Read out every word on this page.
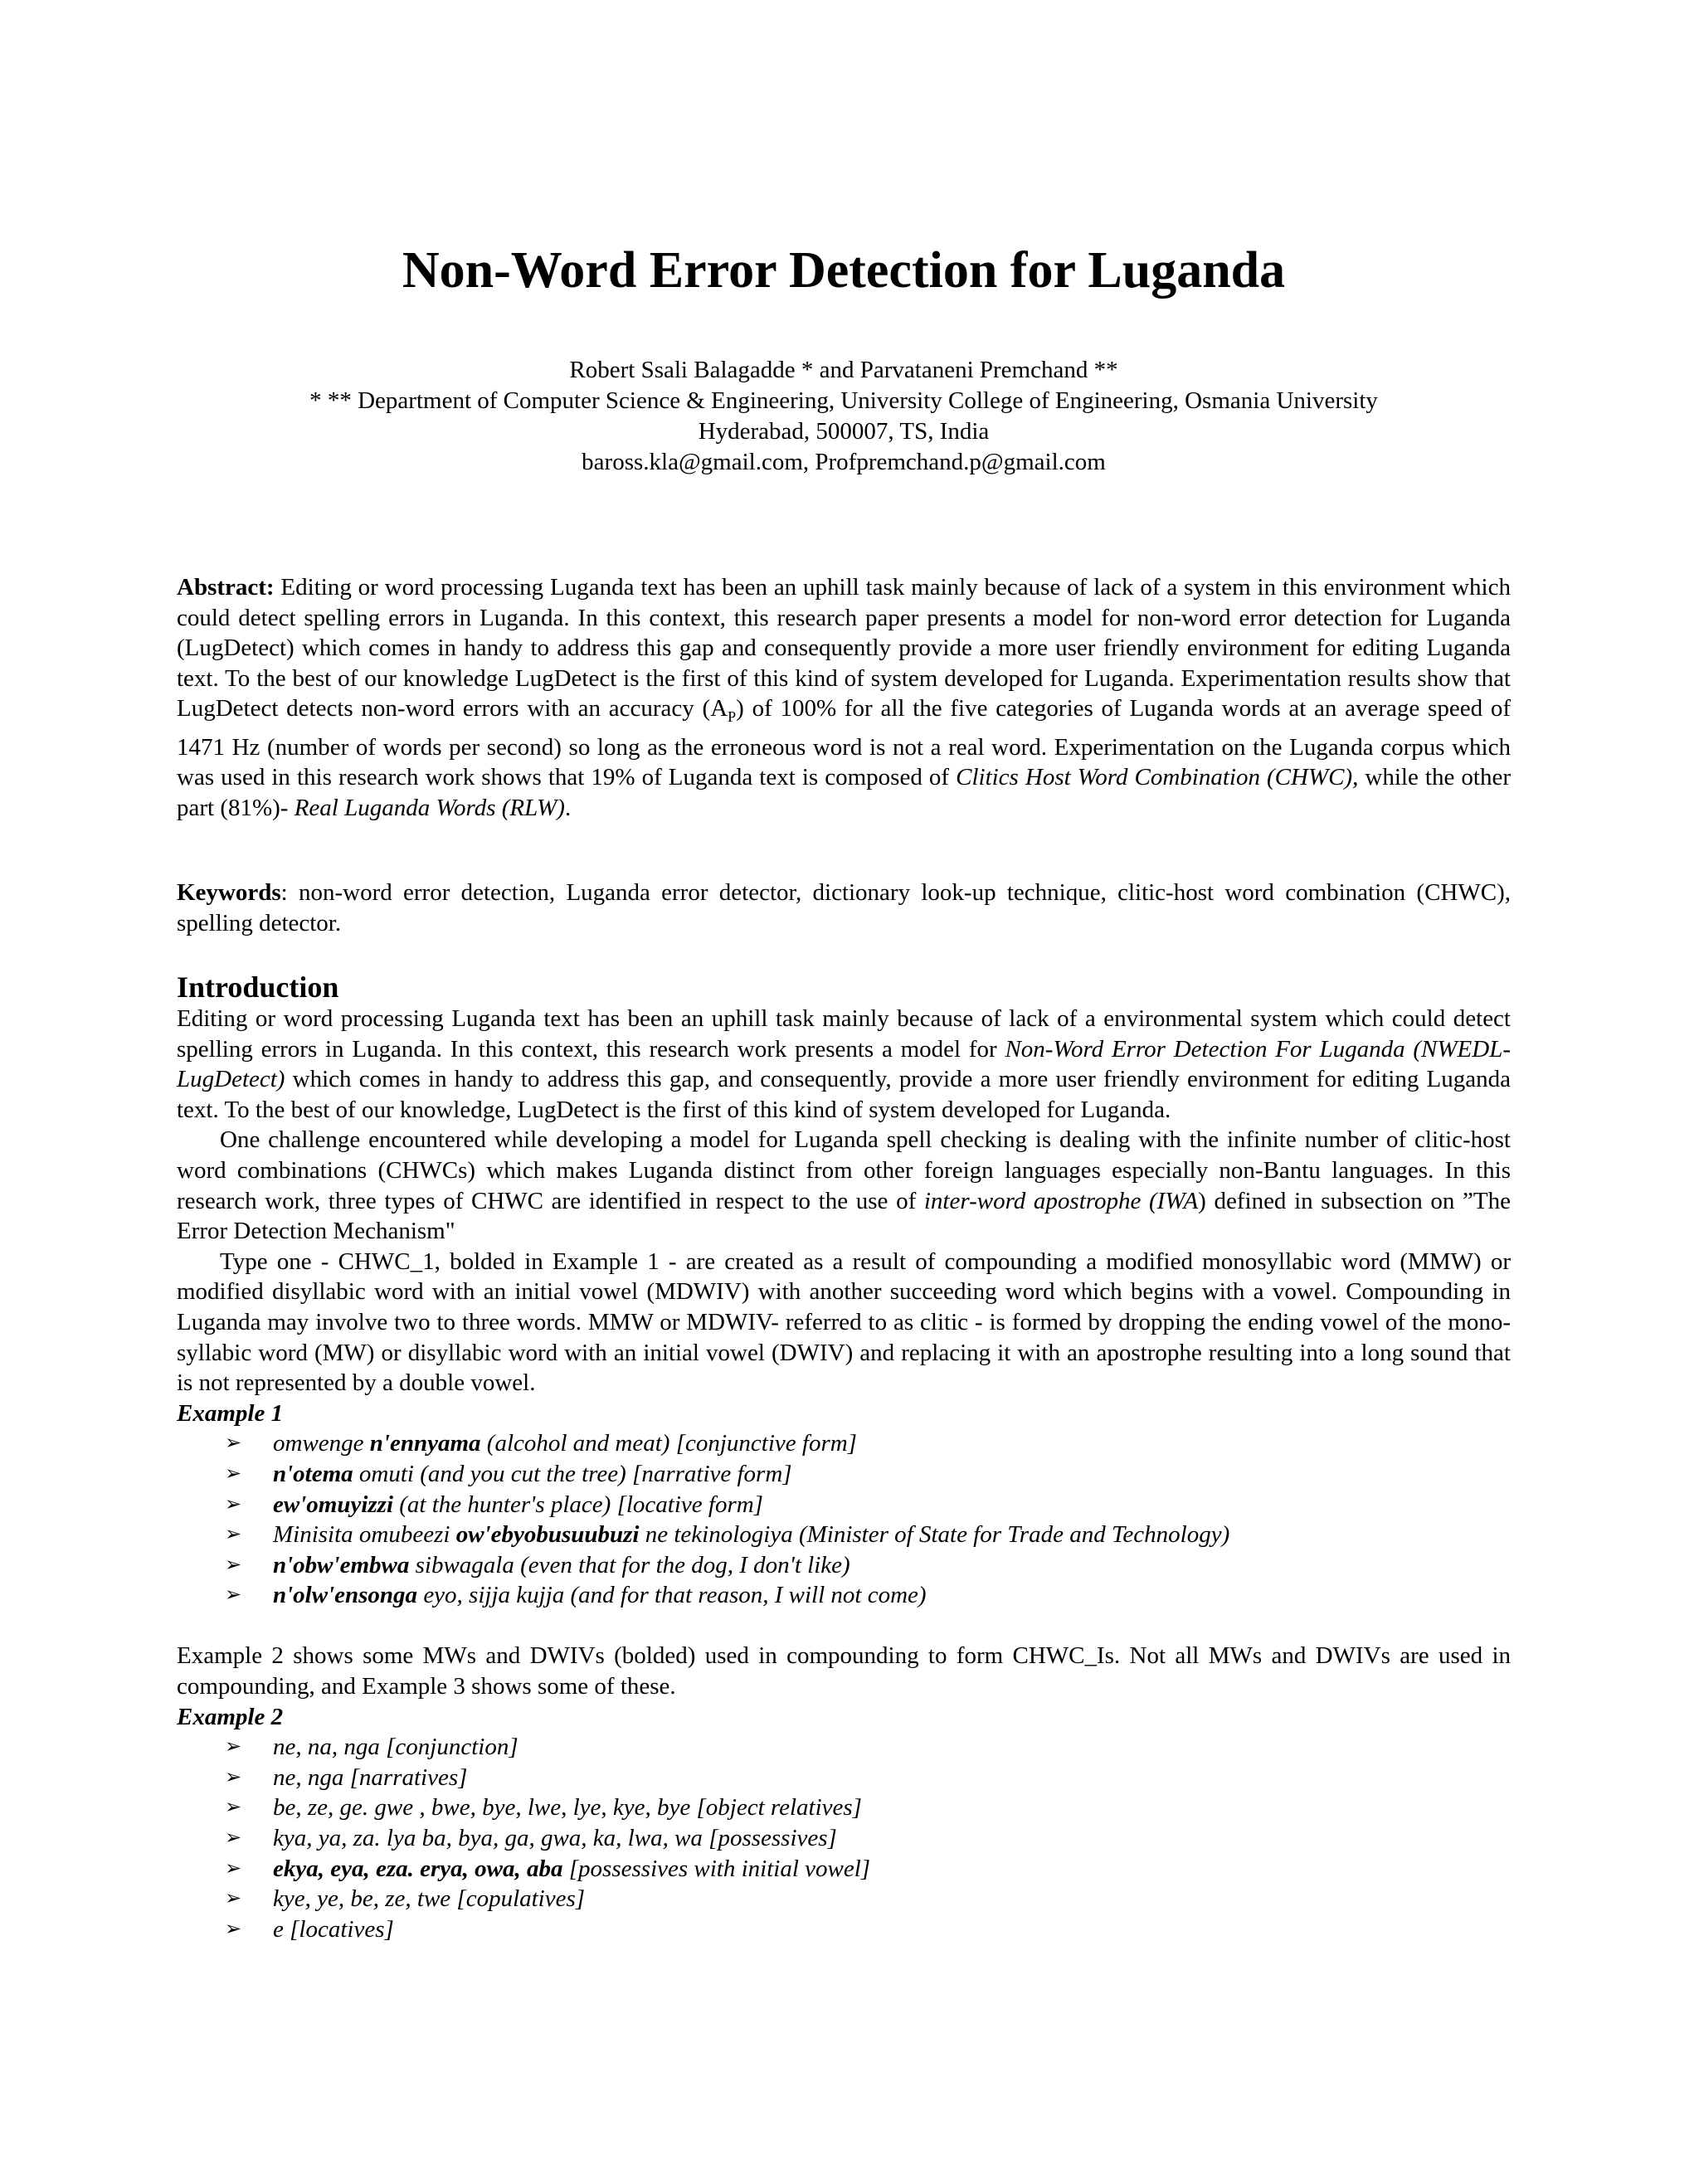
Non-Word Error Detection for Luganda
Robert Ssali Balagadde * and Parvataneni Premchand **
* ** Department of Computer Science & Engineering, University College of Engineering, Osmania University
Hyderabad, 500007, TS, India
baross.kla@gmail.com, Profpremchand.p@gmail.com
Abstract: Editing or word processing Luganda text has been an uphill task mainly because of lack of a system in this environment which could detect spelling errors in Luganda. In this context, this research paper presents a model for non-word error detection for Luganda (LugDetect) which comes in handy to address this gap and consequently provide a more user friendly environment for editing Luganda text. To the best of our knowledge LugDetect is the first of this kind of system developed for Luganda. Experimentation results show that LugDetect detects non-word errors with an accuracy $(A_P)$ of 100% for all the five categories of Luganda words at an average speed of 1471 Hz (number of words per second) so long as the erroneous word is not a real word. Experimentation on the Luganda corpus which was used in this research work shows that 19% of Luganda text is composed of Clitics Host Word Combination (CHWC), while the other part (81%)- Real Luganda Words (RLW).
Keywords: non-word error detection, Luganda error detector, dictionary look-up technique, clitic-host word combination (CHWC), spelling detector.
Introduction

Editing or word processing Luganda text has been an uphill task mainly because of lack of a environmental system which could detect spelling errors in Luganda. In this context, this research work presents a model for Non-Word Error Detection For Luganda (NWEDL- LugDetect) which comes in handy to address this gap, and consequently, provide a more user friendly environment for editing Luganda text. To the best of our knowledge, LugDetect is the first of this kind of system developed for Luganda.

One challenge encountered while developing a model for Luganda spell checking is dealing with the infinite number of clitic-host word combinations (CHWCs) which makes Luganda distinct from other foreign languages especially non-Bantu languages. In this research work, three types of CHWC are identified in respect to the use of inter-word apostrophe (IWA) defined in subsection on ”The Error Detection Mechanism"

Type one - CHWC_1, bolded in Example 1 - are created as a result of compounding a modified monosyllabic word (MMW) or modified disyllabic word with an initial vowel (MDWIV) with another succeeding word which begins with a vowel. Compounding in Luganda may involve two to three words. MMW or MDWIV- referred to as clitic - is formed by dropping the ending vowel of the mono-syllabic word (MW) or disyllabic word with an initial vowel (DWIV) and replacing it with an apostrophe resulting into a long sound that is not represented by a double vowel.

Example 1
➢ omwenge n'ennyama (alcohol and meat) [conjunctive form]
➢ n'otema omuti (and you cut the tree) [narrative form]
➢ ew'omuyizzi (at the hunter's place) [locative form]
➢ Minisita omubeezi ow'ebyobusuubuzi ne tekinologiya (Minister of State for Trade and Technology)
➢ n'obw'embwa sibwagala (even that for the dog, I don't like)
➢ n'olw'ensonga eyo, sijja kujja (and for that reason, I will not come)

Example 2 shows some MWs and DWIVs (bolded) used in compounding to form CHWC_Is. Not all MWs and DWIVs are used in compounding, and Example 3 shows some of these.

Example 2
➢ ne, na, nga [conjunction]
➢ ne, nga [narratives]
➢ be, ze, ge. gwe , bwe, bye, lwe, lye, kye, bye [object relatives]
➢ kya, ya, za. lya ba, bya, ga, gwa, ka, lwa, wa [possessives]
➢ ekya, eya, eza. erya, owa, aba [possessives with initial vowel]
➢ kye, ye, be, ze, twe [copulatives]
➢ e [locatives]
